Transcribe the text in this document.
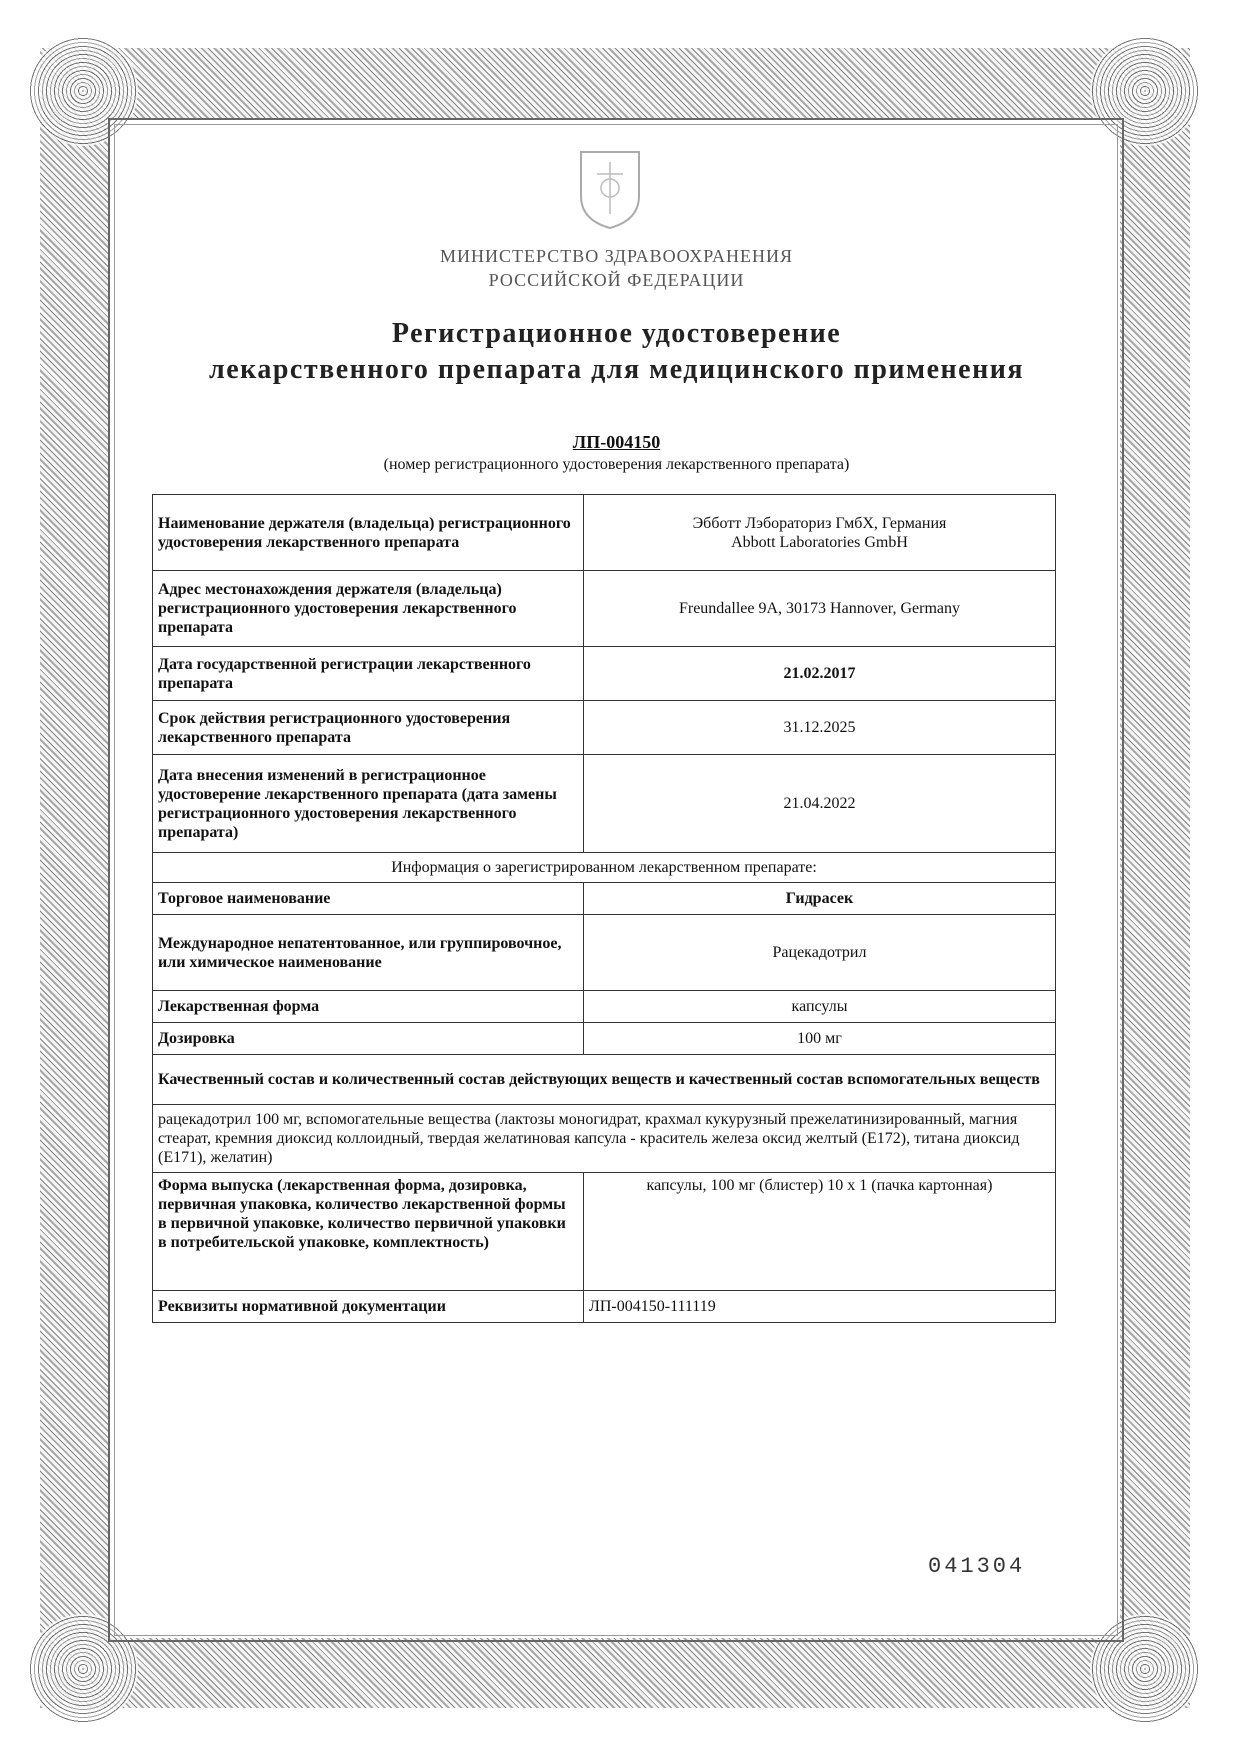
МИНИСТЕРСТВО ЗДРАВООХРАНЕНИЯ
РОССИЙСКОЙ ФЕДЕРАЦИИ
Регистрационное удостоверение
лекарственного препарата для медицинского применения
ЛП-004150
(номер регистрационного удостоверения лекарственного препарата)
Наименование держателя (владельца) регистрационного удостоверения лекарственного препарата	Эбботт Лэбораториз ГмбХ, Германия
Abbott Laboratories GmbH

Адрес местонахождения держателя (владельца) регистрационного удостоверения лекарственного препарата	Freundallee 9A, 30173 Hannover, Germany
Дата государственной регистрации лекарственного препарата	21.02.2017
Срок действия регистрационного удостоверения лекарственного препарата	31.12.2025
Дата внесения изменений в регистрационное удостоверение лекарственного препарата (дата замены регистрационного удостоверения лекарственного препарата)	21.04.2022
Информация о зарегистрированном лекарственном препарате:	
Торговое наименование	Гидрасек
Международное непатентованное, или группировочное, или химическое наименование	Рацекадотрил
Лекарственная форма	капсулы
Дозировка	100 мг
Качественный состав и количественный состав действующих веществ и качественный состав вспомогательных веществ	
рацекадотрил 100 мг, вспомогательные вещества (лактозы моногидрат, крахмал кукурузный прежелатинизированный, магния стеарат, кремния диоксид коллоидный, твердая желатиновая капсула - краситель железа оксид желтый (E172), титана диоксид (E171), желатин)	
Форма выпуска (лекарственная форма, дозировка, первичная упаковка, количество лекарственной формы в первичной упаковке, количество первичной упаковки в потребительской упаковке, комплектность)	капсулы, 100 мг (блистер) 10 x 1 (пачка картонная)
Реквизиты нормативной документации	ЛП-004150-111119
041304
